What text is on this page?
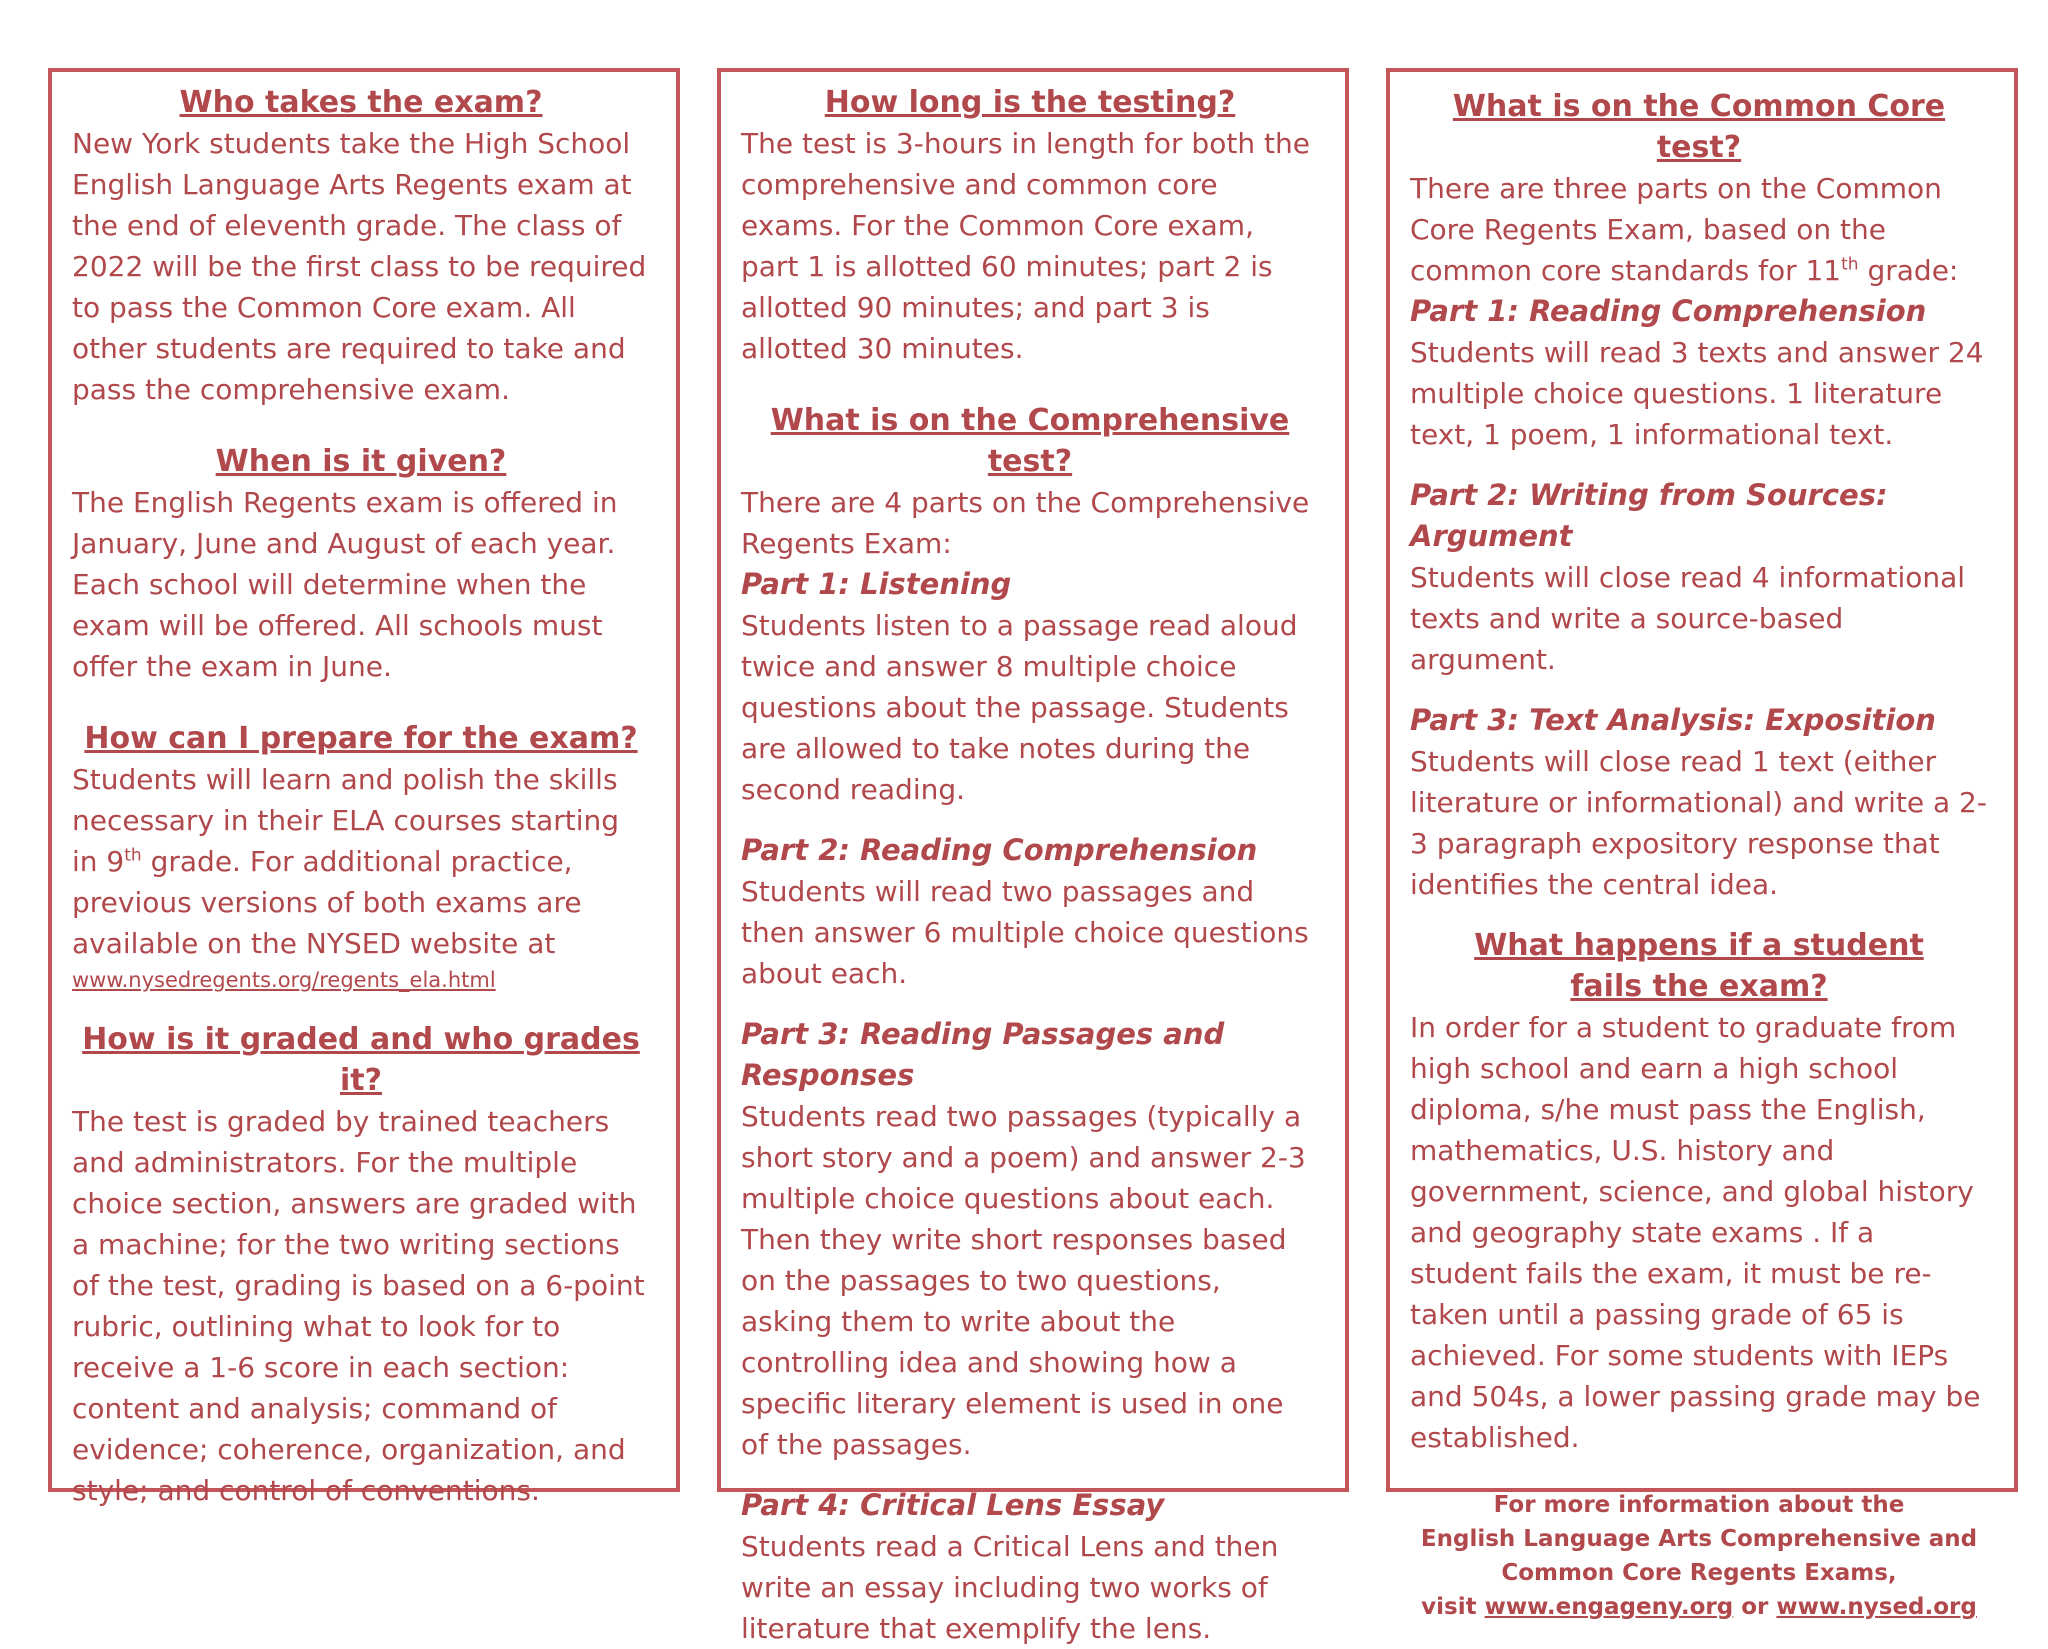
Who takes the exam?

New York students take the High School English Language Arts Regents exam at the end of eleventh grade. The class of 2022 will be the first class to be required to pass the Common Core exam. All other students are required to take and pass the comprehensive exam.

When is it given?

The English Regents exam is offered in January, June and August of each year. Each school will determine when the exam will be offered. All schools must offer the exam in June.

How can I prepare for the exam?

Students will learn and polish the skills necessary in their ELA courses starting in 9th grade. For additional practice, previous versions of both exams are available on the NYSED website at

www.nysedregents.org/regents_ela.html
How is it graded and who grades it?

The test is graded by trained teachers and administrators. For the multiple choice section, answers are graded with a machine; for the two writing sections of the test, grading is based on a 6-point rubric, outlining what to look for to receive a 1-6 score in each section: content and analysis; command of evidence; coherence, organization, and style; and control of conventions.

How long is the testing?

The test is 3-hours in length for both the comprehensive and common core exams. For the Common Core exam, part 1 is allotted 60 minutes; part 2 is allotted 90 minutes; and part 3 is allotted 30 minutes.

What is on the Comprehensive test?

There are 4 parts on the Comprehensive Regents Exam:

Part 1: Listening

Students listen to a passage read aloud twice and answer 8 multiple choice questions about the passage. Students are allowed to take notes during the second reading.

Part 2: Reading Comprehension

Students will read two passages and then answer 6 multiple choice questions about each.

Part 3: Reading Passages and Responses

Students read two passages (typically a short story and a poem) and answer 2-3 multiple choice questions about each. Then they write short responses based on the passages to two questions, asking them to write about the controlling idea and showing how a specific literary element is used in one of the passages.

Part 4: Critical Lens Essay

Students read a Critical Lens and then write an essay including two works of literature that exemplify the lens.

What is on the Common Core test?

There are three parts on the Common Core Regents Exam, based on the common core standards for 11th grade:

Part 1: Reading Comprehension

Students will read 3 texts and answer 24 multiple choice questions. 1 literature text, 1 poem, 1 informational text.

Part 2: Writing from Sources: Argument

Students will close read 4 informational texts and write a source-based argument.

Part 3: Text Analysis: Exposition

Students will close read 1 text (either literature or informational) and write a 2-3 paragraph expository response that identifies the central idea.

What happens if a student
fails the exam?

In order for a student to graduate from high school and earn a high school diploma, s/he must pass the English, mathematics, U.S. history and government, science, and global history and geography state exams . If a student fails the exam, it must be re-taken until a passing grade of 65 is achieved. For some students with IEPs and 504s, a lower passing grade may be established.

For more information about the
English Language Arts Comprehensive and
Common Core Regents Exams,
visit www.engageny.org or www.nysed.org
